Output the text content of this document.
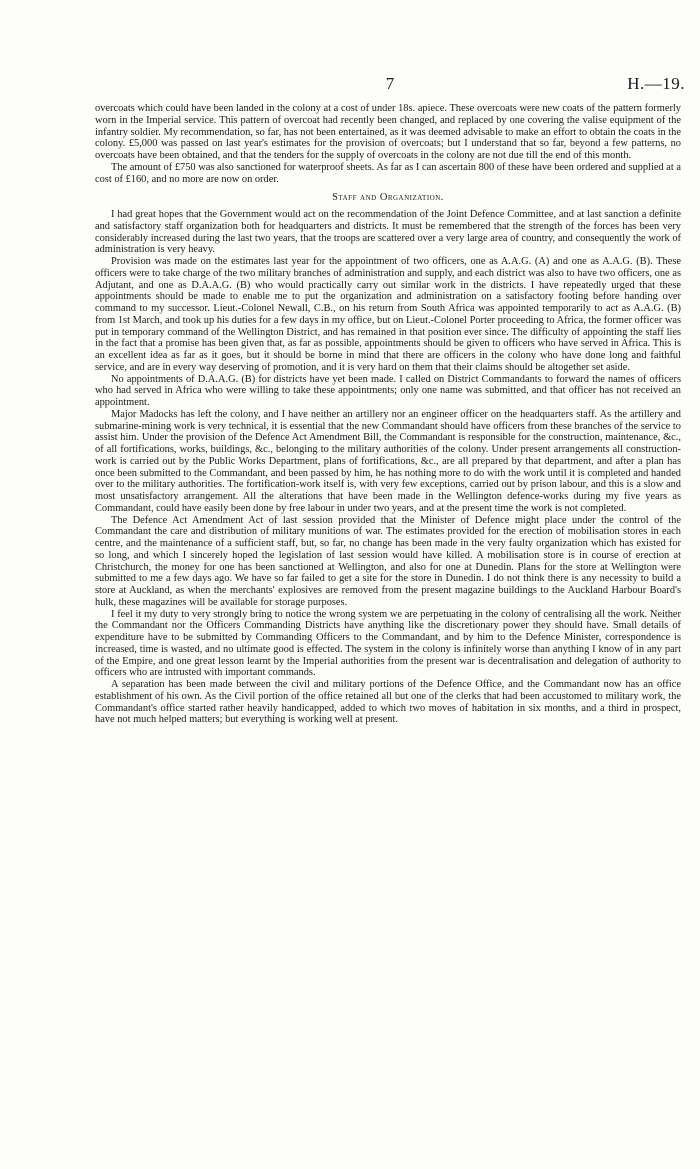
7	H.—19.

overcoats which could have been landed in the colony at a cost of under 18s. apiece. These overcoats were new coats of the pattern formerly worn in the Imperial service. This pattern of overcoat had recently been changed, and replaced by one covering the valise equipment of the infantry soldier. My recommendation, so far, has not been entertained, as it was deemed advisable to make an effort to obtain the coats in the colony. £5,000 was passed on last year's estimates for the provision of overcoats; but I understand that so far, beyond a few patterns, no overcoats have been obtained, and that the tenders for the supply of overcoats in the colony are not due till the end of this month.

The amount of £750 was also sanctioned for waterproof sheets. As far as I can ascertain 800 of these have been ordered and supplied at a cost of £160, and no more are now on order.

Staff and Organization.

I had great hopes that the Government would act on the recommendation of the Joint Defence Committee, and at last sanction a definite and satisfactory staff organization both for headquarters and districts. It must be remembered that the strength of the forces has been very considerably increased during the last two years, that the troops are scattered over a very large area of country, and consequently the work of administration is very heavy.

Provision was made on the estimates last year for the appointment of two officers, one as A.A.G. (A) and one as A.A.G. (B). These officers were to take charge of the two military branches of administration and supply, and each district was also to have two officers, one as Adjutant, and one as D.A.A.G. (B) who would practically carry out similar work in the districts. I have repeatedly urged that these appointments should be made to enable me to put the organization and administration on a satisfactory footing before handing over command to my successor. Lieut.-Colonel Newall, C.B., on his return from South Africa was appointed temporarily to act as A.A.G. (B) from 1st March, and took up his duties for a few days in my office, but on Lieut.-Colonel Porter proceeding to Africa, the former officer was put in temporary command of the Wellington District, and has remained in that position ever since. The difficulty of appointing the staff lies in the fact that a promise has been given that, as far as possible, appointments should be given to officers who have served in Africa. This is an excellent idea as far as it goes, but it should be borne in mind that there are officers in the colony who have done long and faithful service, and are in every way deserving of promotion, and it is very hard on them that their claims should be altogether set aside.

No appointments of D.A.A.G. (B) for districts have yet been made. I called on District Commandants to forward the names of officers who had served in Africa who were willing to take these appointments; only one name was submitted, and that officer has not received an appointment.

Major Madocks has left the colony, and I have neither an artillery nor an engineer officer on the headquarters staff. As the artillery and submarine-mining work is very technical, it is essential that the new Commandant should have officers from these branches of the service to assist him. Under the provision of the Defence Act Amendment Bill, the Commandant is responsible for the construction, maintenance, &c., of all fortifications, works, buildings, &c., belonging to the military authorities of the colony. Under present arrangements all construction-work is carried out by the Public Works Department, plans of fortifications, &c., are all prepared by that department, and after a plan has once been submitted to the Commandant, and been passed by him, he has nothing more to do with the work until it is completed and handed over to the military authorities. The fortification-work itself is, with very few exceptions, carried out by prison labour, and this is a slow and most unsatisfactory arrangement. All the alterations that have been made in the Wellington defence-works during my five years as Commandant, could have easily been done by free labour in under two years, and at the present time the work is not completed.

The Defence Act Amendment Act of last session provided that the Minister of Defence might place under the control of the Commandant the care and distribution of military munitions of war. The estimates provided for the erection of mobilisation stores in each centre, and the maintenance of a sufficient staff, but, so far, no change has been made in the very faulty organization which has existed for so long, and which I sincerely hoped the legislation of last session would have killed. A mobilisation store is in course of erection at Christchurch, the money for one has been sanctioned at Wellington, and also for one at Dunedin. Plans for the store at Wellington were submitted to me a few days ago. We have so far failed to get a site for the store in Dunedin. I do not think there is any necessity to build a store at Auckland, as when the merchants' explosives are removed from the present magazine buildings to the Auckland Harbour Board's hulk, these magazines will be available for storage purposes.

I feel it my duty to very strongly bring to notice the wrong system we are perpetuating in the colony of centralising all the work. Neither the Commandant nor the Officers Commanding Districts have anything like the discretionary power they should have. Small details of expenditure have to be submitted by Commanding Officers to the Commandant, and by him to the Defence Minister, correspondence is increased, time is wasted, and no ultimate good is effected. The system in the colony is infinitely worse than anything I know of in any part of the Empire, and one great lesson learnt by the Imperial authorities from the present war is decentralisation and delegation of authority to officers who are intrusted with important commands.

A separation has been made between the civil and military portions of the Defence Office, and the Commandant now has an office establishment of his own. As the Civil portion of the office retained all but one of the clerks that had been accustomed to military work, the Commandant's office started rather heavily handicapped, added to which two moves of habitation in six months, and a third in prospect, have not much helped matters; but everything is working well at present.
